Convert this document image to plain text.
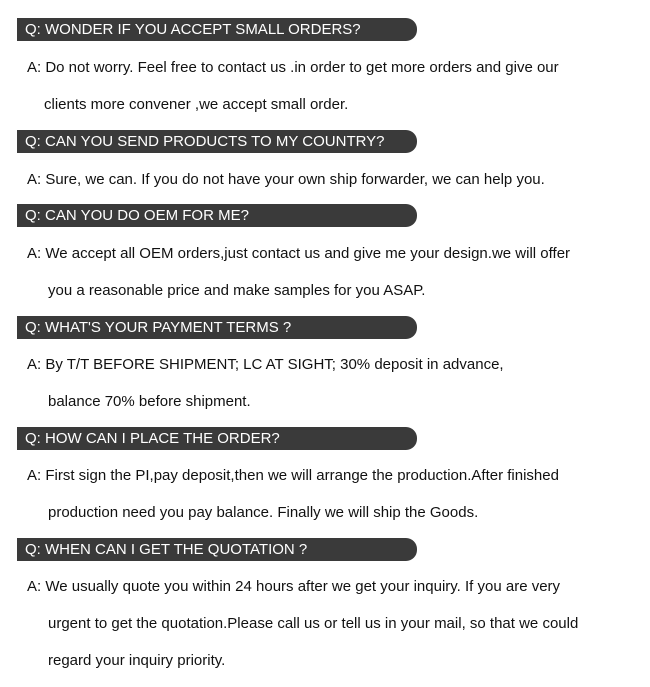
Q: WONDER IF YOU ACCEPT SMALL ORDERS?
A: Do not worry. Feel free to contact us .in order to get more orders and give our
clients more convener ,we accept small order.
Q: CAN YOU SEND PRODUCTS TO MY COUNTRY?
A: Sure, we can. If you do not have your own ship forwarder, we can help you.
Q: CAN YOU DO OEM FOR ME?
A: We accept all OEM orders,just contact us and give me your design.we will offer
you a reasonable price and make samples for you ASAP.
Q: WHAT'S YOUR PAYMENT TERMS ?
A: By T/T BEFORE SHIPMENT; LC AT SIGHT; 30% deposit in advance,
balance 70% before shipment.
Q: HOW CAN I PLACE THE ORDER?
A: First sign the PI,pay deposit,then we will arrange the production.After finished
production need you pay balance. Finally we will ship the Goods.
Q: WHEN CAN I GET THE QUOTATION ?
A: We usually quote you within 24 hours after we get your inquiry. If you are very
urgent to get the quotation.Please call us or tell us in your mail, so that we could
regard your inquiry priority.
